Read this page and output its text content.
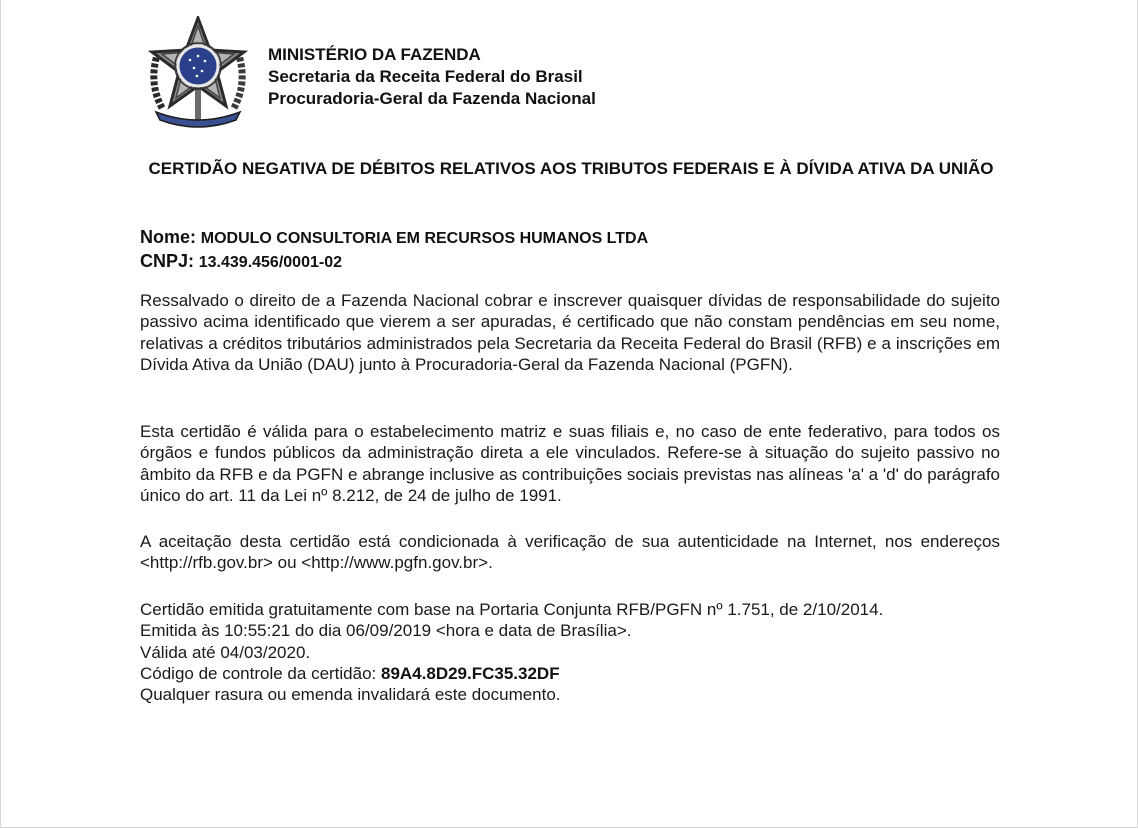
MINISTÉRIO DA FAZENDA
Secretaria da Receita Federal do Brasil
Procuradoria-Geral da Fazenda Nacional
CERTIDÃO NEGATIVA DE DÉBITOS RELATIVOS AOS TRIBUTOS FEDERAIS E À DÍVIDA ATIVA DA UNIÃO
Nome: MODULO CONSULTORIA EM RECURSOS HUMANOS LTDA
CNPJ: 13.439.456/0001-02

Ressalvado o direito de a Fazenda Nacional cobrar e inscrever quaisquer dívidas de responsabilidade do sujeito passivo acima identificado que vierem a ser apuradas, é certificado que não constam pendências em seu nome, relativas a créditos tributários administrados pela Secretaria da Receita Federal do Brasil (RFB) e a inscrições em Dívida Ativa da União (DAU) junto à Procuradoria-Geral da Fazenda Nacional (PGFN).

Esta certidão é válida para o estabelecimento matriz e suas filiais e, no caso de ente federativo, para todos os órgãos e fundos públicos da administração direta a ele vinculados. Refere-se à situação do sujeito passivo no âmbito da RFB e da PGFN e abrange inclusive as contribuições sociais previstas nas alíneas 'a' a 'd' do parágrafo único do art. 11 da Lei nº 8.212, de 24 de julho de 1991.

A aceitação desta certidão está condicionada à verificação de sua autenticidade na Internet, nos endereços <http://rfb.gov.br> ou <http://www.pgfn.gov.br>.

Certidão emitida gratuitamente com base na Portaria Conjunta RFB/PGFN nº 1.751, de 2/10/2014.
Emitida às 10:55:21 do dia 06/09/2019 <hora e data de Brasília>.
Válida até 04/03/2020.
Código de controle da certidão: 89A4.8D29.FC35.32DF
Qualquer rasura ou emenda invalidará este documento.
